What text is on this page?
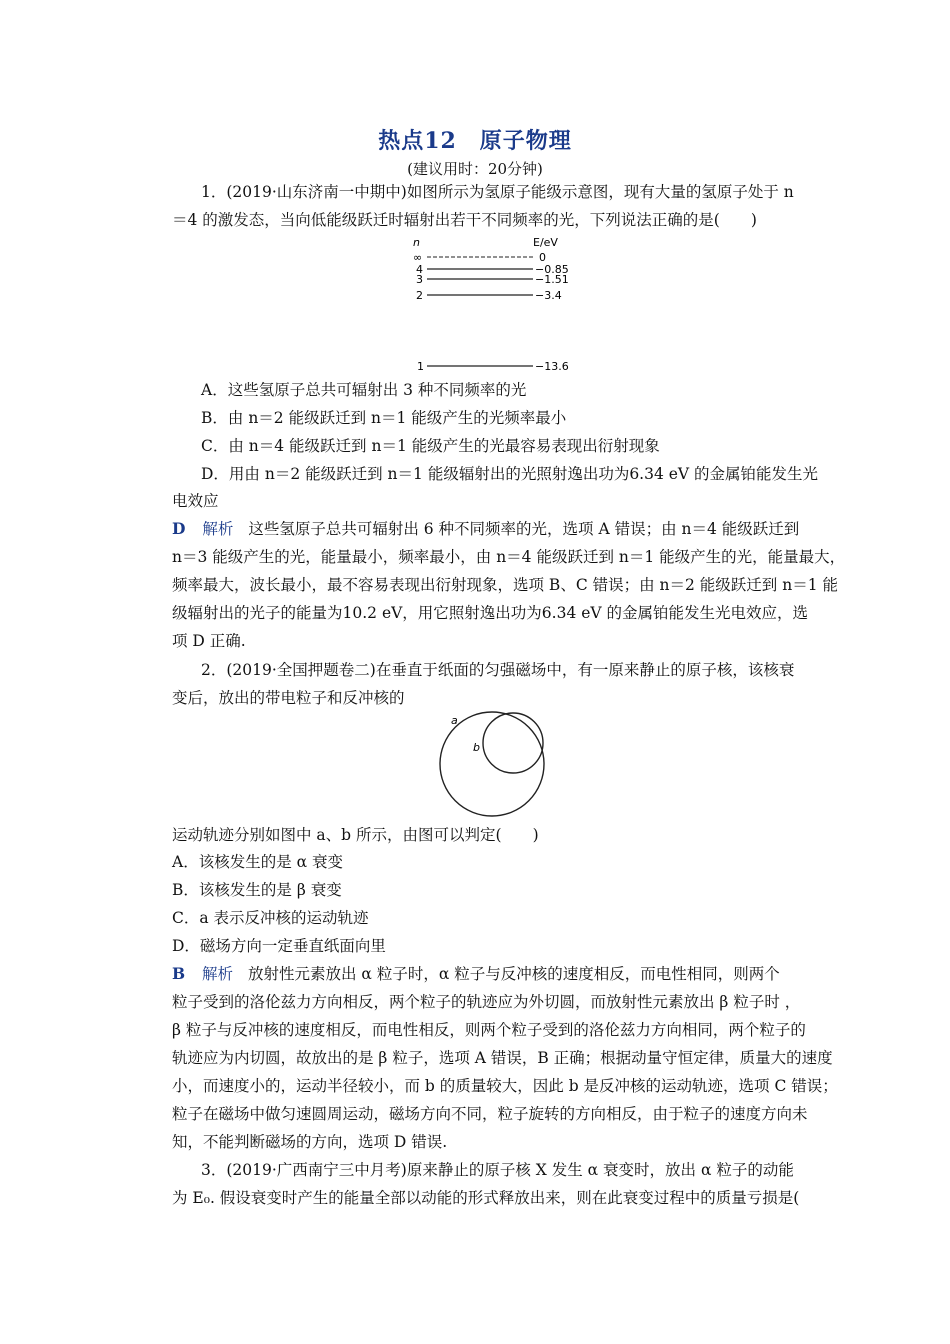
热点12　原子物理
(建议用时：20分钟)
1．(2019·山东济南一中期中)如图所示为氢原子能级示意图，现有大量的氢原子处于 n
＝4 的激发态，当向低能级跃迁时辐射出若干不同频率的光，下列说法正确的是(　　)
n	E/eV
∞	0
4	−0.85
3	−1.51
2	−3.4
1	−13.6
A．这些氢原子总共可辐射出 3 种不同频率的光
B．由 n＝2 能级跃迁到 n＝1 能级产生的光频率最小
C．由 n＝4 能级跃迁到 n＝1 能级产生的光最容易表现出衍射现象
D．用由 n＝2 能级跃迁到 n＝1 能级辐射出的光照射逸出功为6.34 eV 的金属铂能发生光
电效应
D 解析 这些氢原子总共可辐射出 6 种不同频率的光，选项 A 错误；由 n＝4 能级跃迁到
n＝3 能级产生的光，能量最小，频率最小，由 n＝4 能级跃迁到 n＝1 能级产生的光，能量最大，
频率最大，波长最小，最不容易表现出衍射现象，选项 B、C 错误；由 n＝2 能级跃迁到 n＝1 能
级辐射出的光子的能量为10.2 eV，用它照射逸出功为6.34 eV 的金属铂能发生光电效应，选
项 D 正确.
2．(2019·全国押题卷二)在垂直于纸面的匀强磁场中，有一原来静止的原子核，该核衰
变后，放出的带电粒子和反冲核的
a
b
运动轨迹分别如图中 a、b 所示，由图可以判定(　　)
A．该核发生的是 α 衰变
B．该核发生的是 β 衰变
C．a 表示反冲核的运动轨迹
D．磁场方向一定垂直纸面向里
B 解析 放射性元素放出 α 粒子时，α 粒子与反冲核的速度相反，而电性相同，则两个
粒子受到的洛伦兹力方向相反，两个粒子的轨迹应为外切圆，而放射性元素放出 β 粒子时 ，
β 粒子与反冲核的速度相反，而电性相反，则两个粒子受到的洛伦兹力方向相同，两个粒子的
轨迹应为内切圆，故放出的是 β 粒子，选项 A 错误，B 正确；根据动量守恒定律，质量大的速度
小，而速度小的，运动半径较小，而 b 的质量较大，因此 b 是反冲核的运动轨迹，选项 C 错误；
粒子在磁场中做匀速圆周运动，磁场方向不同，粒子旋转的方向相反，由于粒子的速度方向未
知，不能判断磁场的方向，选项 D 错误.
3．(2019·广西南宁三中月考)原来静止的原子核 X 发生 α 衰变时，放出 α 粒子的动能
为 E₀. 假设衰变时产生的能量全部以动能的形式释放出来，则在此衰变过程中的质量亏损是(
